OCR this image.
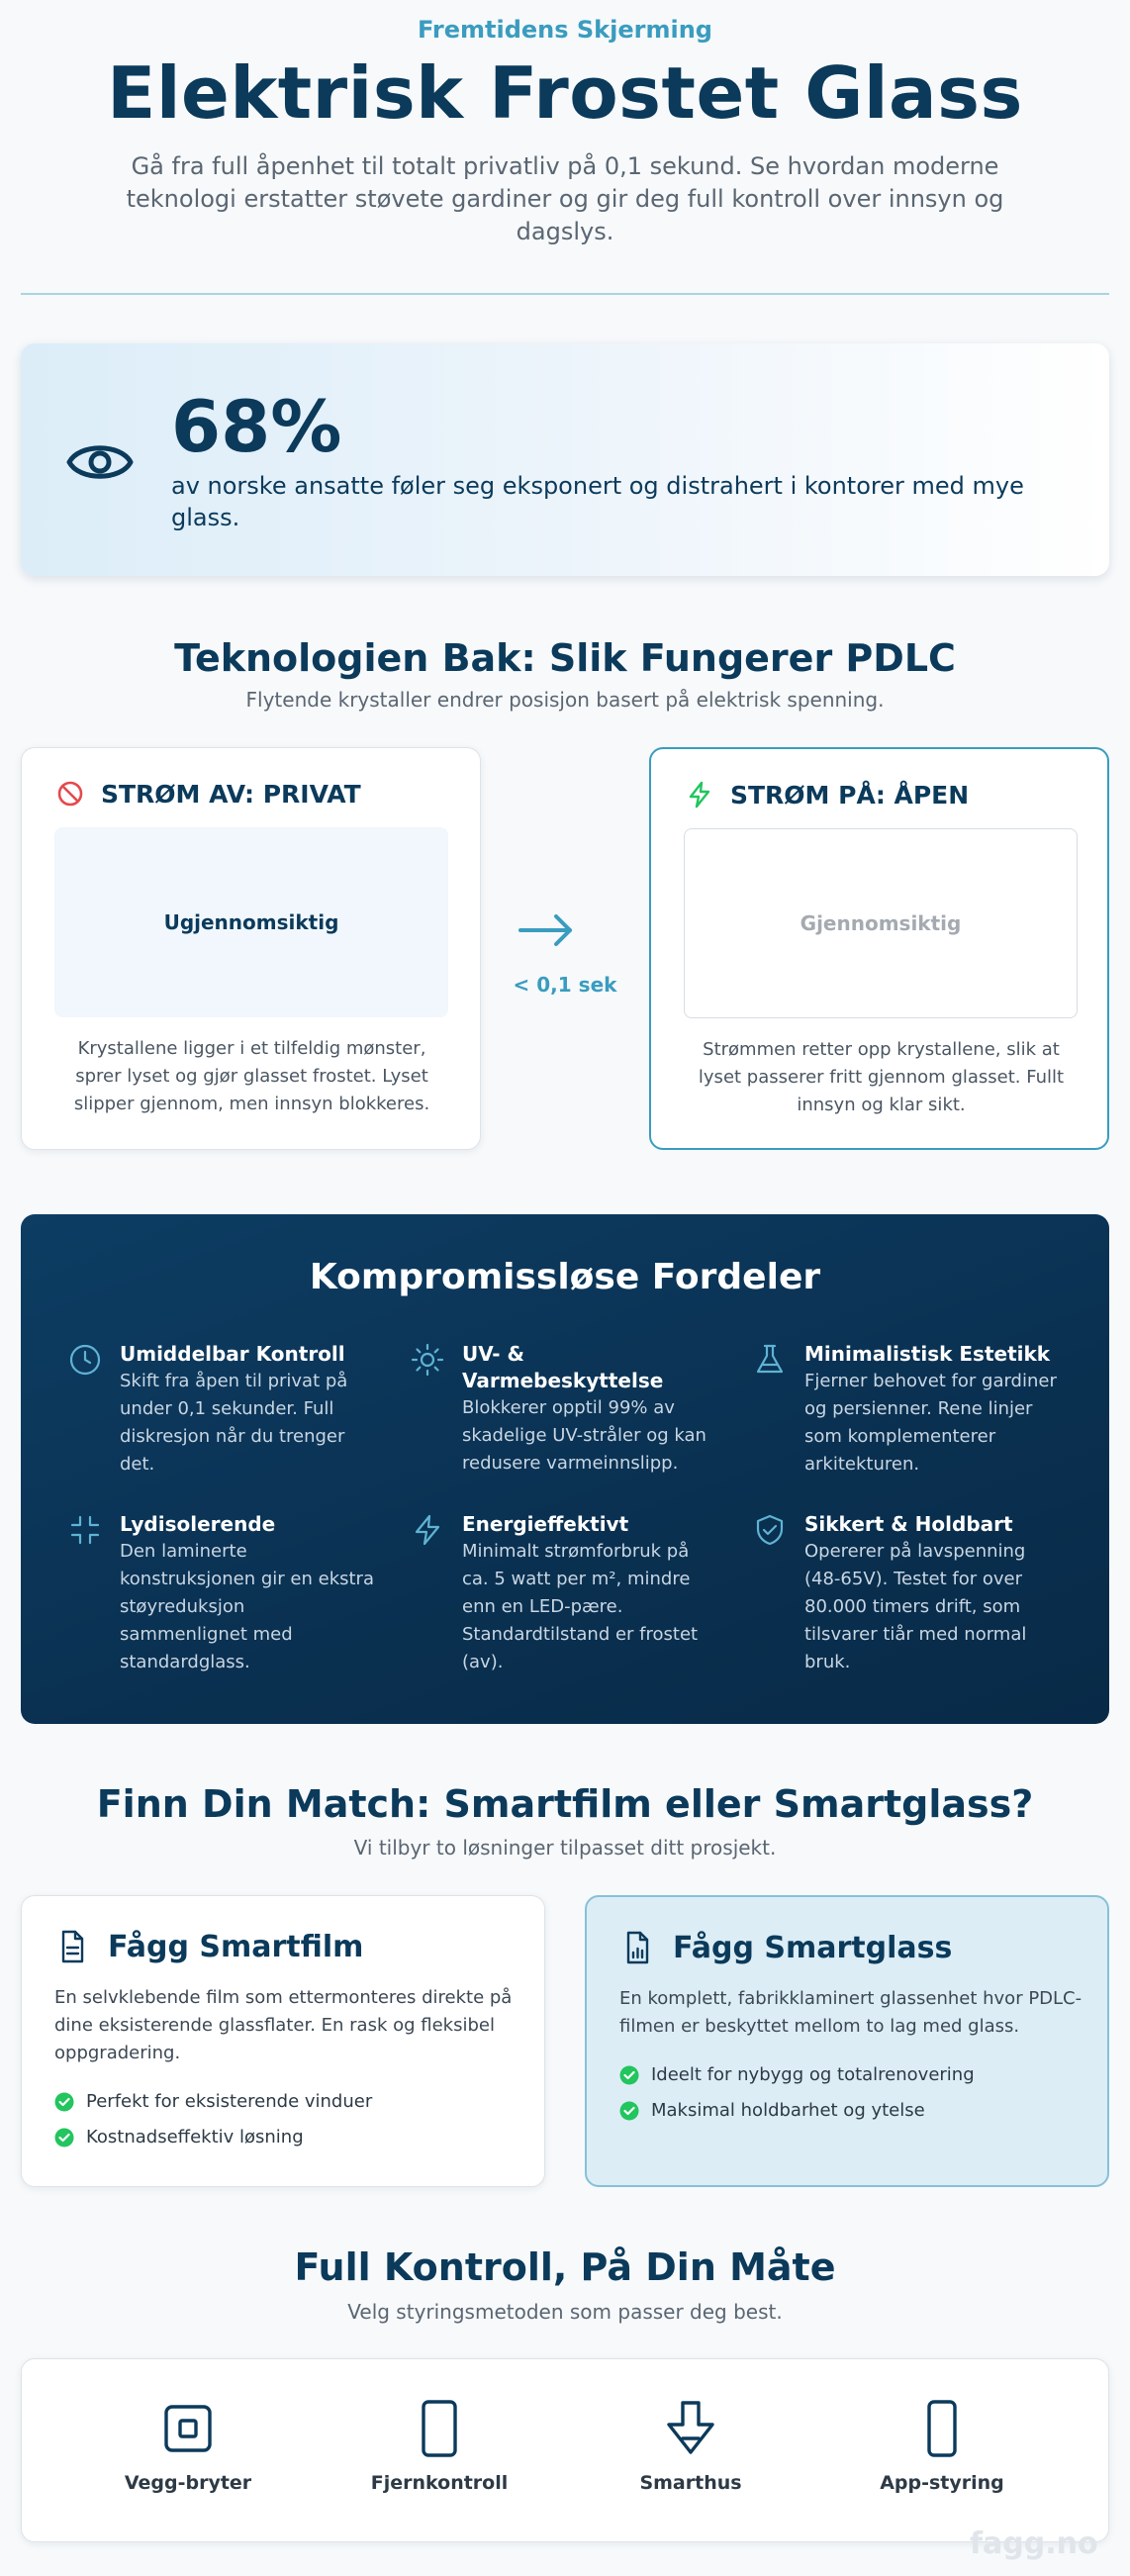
Fremtidens Skjerming
Elektrisk Frostet Glass
Gå fra full åpenhet til totalt privatliv på 0,1 sekund. Se hvordan moderne teknologi erstatter støvete gardiner og gir deg full kontroll over innsyn og dagslys.
68%
av norske ansatte føler seg eksponert og distrahert i kontorer med mye glass.
Teknologien Bak: Slik Fungerer PDLC
Flytende krystaller endrer posisjon basert på elektrisk spenning.
STRØM AV: PRIVAT
Ugjennomsiktig
Krystallene ligger i et tilfeldig mønster, sprer lyset og gjør glasset frostet. Lyset slipper gjennom, men innsyn blokkeres.
< 0,1 sek
STRØM PÅ: ÅPEN
Gjennomsiktig
Strømmen retter opp krystallene, slik at lyset passerer fritt gjennom glasset. Fullt innsyn og klar sikt.
Kompromissløse Fordeler
Umiddelbar Kontroll
Skift fra åpen til privat på under 0,1 sekunder. Full diskresjon når du trenger det.
UV- & Varmebeskyttelse
Blokkerer opptil 99% av skadelige UV-stråler og kan redusere varmeinnslipp.
Minimalistisk Estetikk
Fjerner behovet for gardiner og persienner. Rene linjer som komplementerer arkitekturen.
Lydisolerende
Den laminerte konstruksjonen gir en ekstra støyreduksjon sammenlignet med standardglass.
Energieffektivt
Minimalt strømforbruk på ca. 5 watt per m², mindre enn en LED-pære. Standardtilstand er frostet (av).
Sikkert & Holdbart
Opererer på lavspenning (48-65V). Testet for over 80.000 timers drift, som tilsvarer tiår med normal bruk.
Finn Din Match: Smartfilm eller Smartglass?
Vi tilbyr to løsninger tilpasset ditt prosjekt.
Fågg Smartfilm
En selvklebende film som ettermonteres direkte på dine eksisterende glassflater. En rask og fleksibel oppgradering.
Perfekt for eksisterende vinduer
Kostnadseffektiv løsning
Fågg Smartglass
En komplett, fabrikklaminert glassenhet hvor PDLC-filmen er beskyttet mellom to lag med glass.
Ideelt for nybygg og totalrenovering
Maksimal holdbarhet og ytelse
Full Kontroll, På Din Måte
Velg styringsmetoden som passer deg best.
Vegg-bryter	Fjernkontroll	Smarthus	App-styring
fagg.no
